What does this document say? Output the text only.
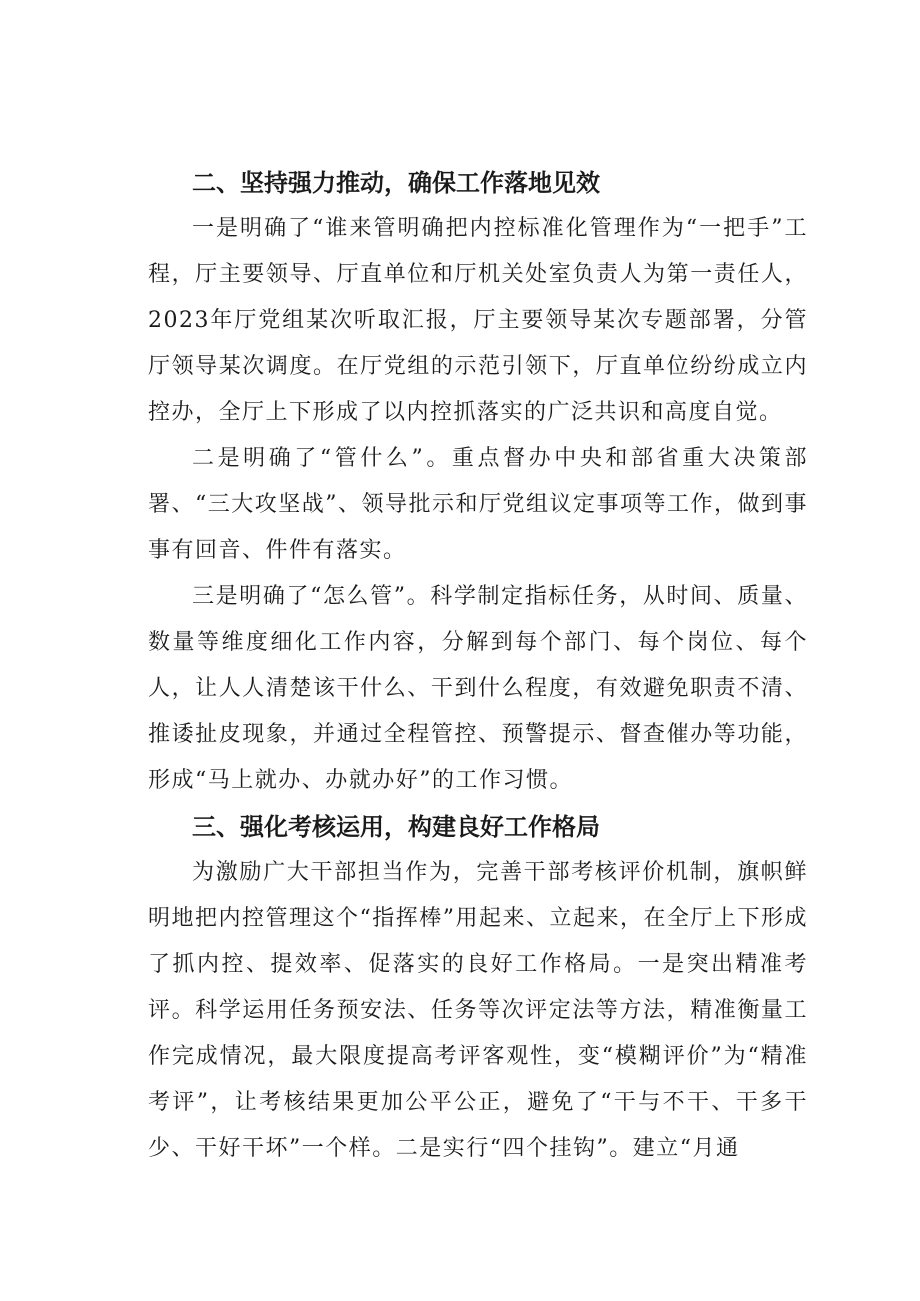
二、坚持强力推动，确保工作落地见效

一是明确了“谁来管明确把内控标准化管理作为“一把手”工程，厅主要领导、厅直单位和厅机关处室负责人为第一责任人，2023年厅党组某次听取汇报，厅主要领导某次专题部署，分管厅领导某次调度。在厅党组的示范引领下，厅直单位纷纷成立内控办，全厅上下形成了以内控抓落实的广泛共识和高度自觉。

二是明确了“管什么”。重点督办中央和部省重大决策部署、“三大攻坚战”、领导批示和厅党组议定事项等工作，做到事事有回音、件件有落实。

三是明确了“怎么管”。科学制定指标任务，从时间、质量、数量等维度细化工作内容，分解到每个部门、每个岗位、每个人，让人人清楚该干什么、干到什么程度，有效避免职责不清、推诿扯皮现象，并通过全程管控、预警提示、督查催办等功能，形成“马上就办、办就办好”的工作习惯。

三、强化考核运用，构建良好工作格局

为激励广大干部担当作为，完善干部考核评价机制，旗帜鲜明地把内控管理这个“指挥棒”用起来、立起来，在全厅上下形成了抓内控、提效率、促落实的良好工作格局。一是突出精准考评。科学运用任务预安法、任务等次评定法等方法，精准衡量工作完成情况，最大限度提高考评客观性，变“模糊评价”为“精准考评”，让考核结果更加公平公正，避免了“干与不干、干多干少、干好干坏”一个样。二是实行“四个挂钩”。建立“月通
